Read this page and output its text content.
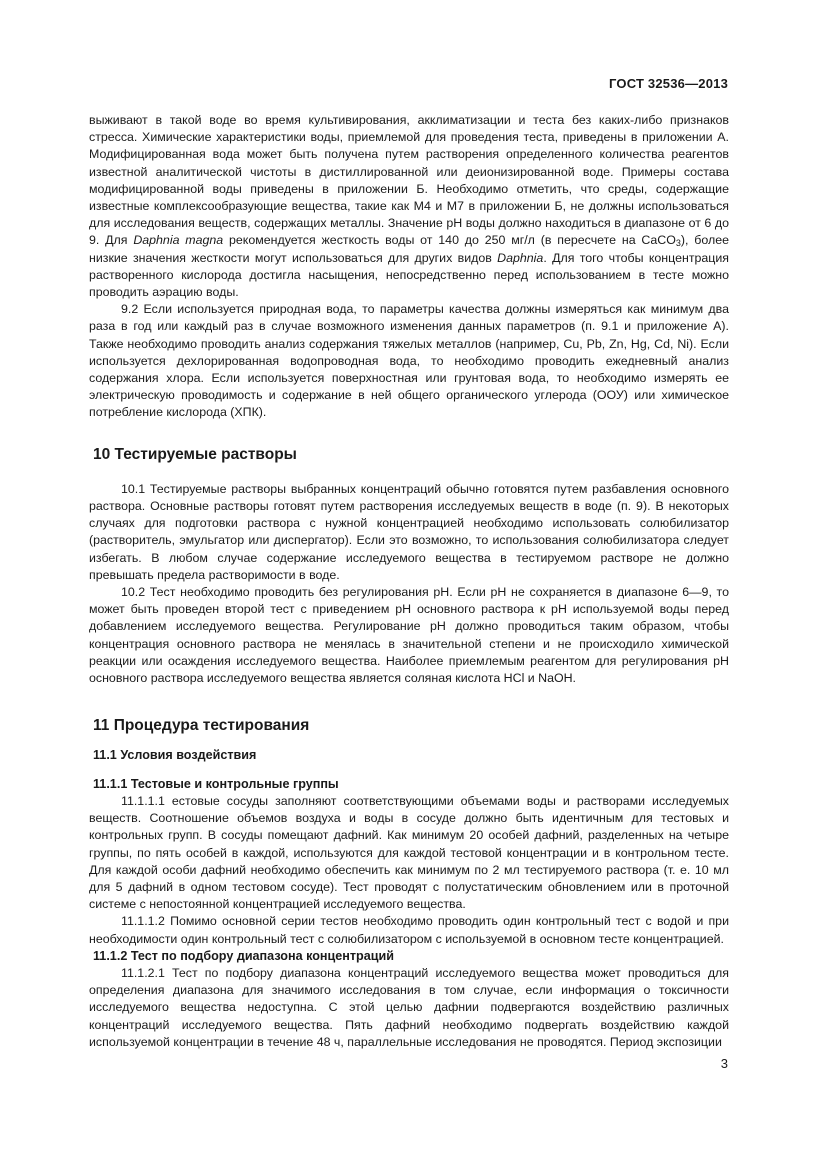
ГОСТ 32536—2013

выживают в такой воде во время культивирования, акклиматизации и теста без каких-либо признаков стресса. Химические характеристики воды, приемлемой для проведения теста, приведены в приложении А. Модифицированная вода может быть получена путем растворения определенного количества реагентов известной аналитической чистоты в дистиллированной или деионизированной воде. Примеры состава модифицированной воды приведены в приложении Б. Необходимо отметить, что среды, содержащие известные комплексообразующие вещества, такие как М4 и М7 в приложении Б, не должны использоваться для исследования веществ, содержащих металлы. Значение рН воды должно находиться в диапазоне от 6 до 9. Для Daphnia magna рекомендуется жесткость воды от 140 до 250 мг/л (в пересчете на CaCO$_3$), более низкие значения жесткости могут использоваться для других видов Daphnia. Для того чтобы концентрация растворенного кислорода достигла насыщения, непосредственно перед использованием в тесте можно проводить аэрацию воды.

9.2 Если используется природная вода, то параметры качества должны измеряться как минимум два раза в год или каждый раз в случае возможного изменения данных параметров (п. 9.1 и приложение А). Также необходимо проводить анализ содержания тяжелых металлов (например, Cu, Pb, Zn, Hg, Cd, Ni). Если используется дехлорированная водопроводная вода, то необходимо проводить ежедневный анализ содержания хлора. Если используется поверхностная или грунтовая вода, то необходимо измерять ее электрическую проводимость и содержание в ней общего органического углерода (ООУ) или химическое потребление кислорода (ХПК).

10 Тестируемые растворы

10.1 Тестируемые растворы выбранных концентраций обычно готовятся путем разбавления основного раствора. Основные растворы готовят путем растворения исследуемых веществ в воде (п. 9). В некоторых случаях для подготовки раствора с нужной концентрацией необходимо использовать солюбилизатор (растворитель, эмульгатор или диспергатор). Если это возможно, то использования солюбилизатора следует избегать. В любом случае содержание исследуемого вещества в тестируемом растворе не должно превышать предела растворимости в воде.

10.2 Тест необходимо проводить без регулирования рН. Если рН не сохраняется в диапазоне 6—9, то может быть проведен второй тест с приведением рН основного раствора к рН используемой воды перед добавлением исследуемого вещества. Регулирование рН должно проводиться таким образом, чтобы концентрация основного раствора не менялась в значительной степени и не происходило химической реакции или осаждения исследуемого вещества. Наиболее приемлемым реагентом для регулирования рН основного раствора исследуемого вещества является соляная кислота HCl и NaOH.

11 Процедура тестирования

11.1 Условия воздействия

11.1.1 Тестовые и контрольные группы

11.1.1.1 естовые сосуды заполняют соответствующими объемами воды и растворами исследуемых веществ. Соотношение объемов воздуха и воды в сосуде должно быть идентичным для тестовых и контрольных групп. В сосуды помещают дафний. Как минимум 20 особей дафний, разделенных на четыре группы, по пять особей в каждой, используются для каждой тестовой концентрации и в контрольном тесте. Для каждой особи дафний необходимо обеспечить как минимум по 2 мл тестируемого раствора (т. е. 10 мл для 5 дафний в одном тестовом сосуде). Тест проводят с полустатическим обновлением или в проточной системе с непостоянной концентрацией исследуемого вещества.

11.1.1.2 Помимо основной серии тестов необходимо проводить один контрольный тест с водой и при необходимости один контрольный тест с солюбилизатором с используемой в основном тесте концентрацией.

11.1.2 Тест по подбору диапазона концентраций

11.1.2.1 Тест по подбору диапазона концентраций исследуемого вещества может проводиться для определения диапазона для значимого исследования в том случае, если информация о токсичности исследуемого вещества недоступна. С этой целью дафнии подвергаются воздействию различных концентраций исследуемого вещества. Пять дафний необходимо подвергать воздействию каждой используемой концентрации в течение 48 ч, параллельные исследования не проводятся. Период экспозиции

3
